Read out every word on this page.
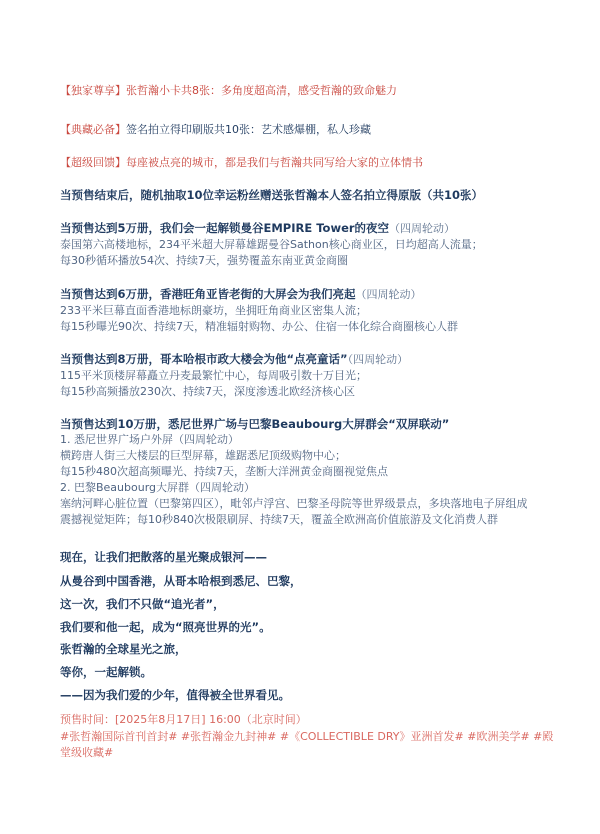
【独家尊享】张哲瀚小卡共8张：多角度超高清，感受哲瀚的致命魅力
【典藏必备】签名拍立得印刷版共10张：艺术感爆棚，私人珍藏
【超级回馈】每座被点亮的城市，都是我们与哲瀚共同写给大家的立体情书
当预售结束后，随机抽取10位幸运粉丝赠送张哲瀚本人签名拍立得原版（共10张）
当预售达到5万册，我们会一起解锁曼谷EMPIRE Tower的夜空（四周轮动）
泰国第六高楼地标，234平米超大屏幕雄踞曼谷Sathon核心商业区，日均超高人流量；
每30秒循环播放54次、持续7天，强势覆盖东南亚黄金商圈
当预售达到6万册，香港旺角亚皆老街的大屏会为我们亮起（四周轮动）
233平米巨幕直面香港地标朗豪坊，坐拥旺角商业区密集人流；
每15秒曝光90次、持续7天，精准辐射购物、办公、住宿一体化综合商圈核心人群
当预售达到8万册，哥本哈根市政大楼会为他“点亮童话”（四周轮动）
115平米顶楼屏幕矗立丹麦最繁忙中心，每周吸引数十万目光；
每15秒高频播放230次、持续7天，深度渗透北欧经济核心区
当预售达到10万册，悉尼世界广场与巴黎Beaubourg大屏群会“双屏联动”
1. 悉尼世界广场户外屏（四周轮动）
横跨唐人街三大楼层的巨型屏幕，雄踞悉尼顶级购物中心；
每15秒480次超高频曝光、持续7天，垄断大洋洲黄金商圈视觉焦点
2. 巴黎Beaubourg大屏群（四周轮动）
塞纳河畔心脏位置（巴黎第四区），毗邻卢浮宫、巴黎圣母院等世界级景点，多块落地电子屏组成
震撼视觉矩阵；每10秒840次极限刷屏、持续7天，覆盖全欧洲高价值旅游及文化消费人群
现在，让我们把散落的星光聚成银河——
从曼谷到中国香港，从哥本哈根到悉尼、巴黎，
这一次，我们不只做“追光者”，
我们要和他一起，成为“照亮世界的光”。
张哲瀚的全球星光之旅，
等你，一起解锁。
——因为我们爱的少年，值得被全世界看见。
预售时间：[2025年8月17日] 16:00（北京时间）
#张哲瀚国际首刊首封# #张哲瀚金九封神# #《COLLECTIBLE DRY》亚洲首发# #欧洲美学# #殿
堂级收藏#
